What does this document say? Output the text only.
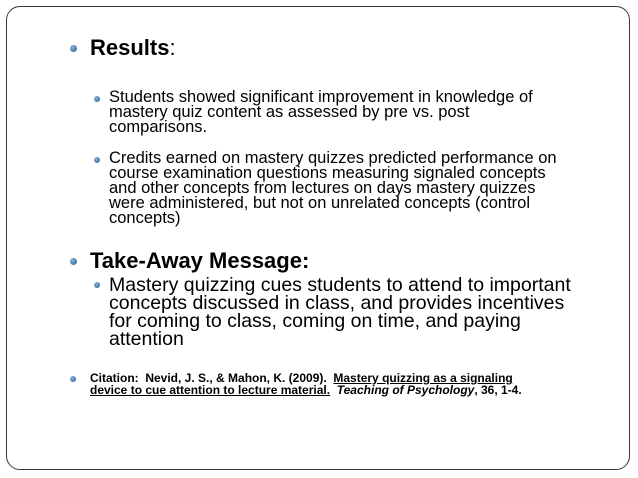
Results:

Students showed significant improvement in knowledge of

mastery quiz content as assessed by pre vs. post

comparisons.

Credits earned on mastery quizzes predicted performance on

course examination questions measuring signaled concepts

and other concepts from lectures on days mastery quizzes

were administered, but not on unrelated concepts (control

concepts)

Take-Away Message:

Mastery quizzing cues students to attend to important

concepts discussed in class, and provides incentives

for coming to class, coming on time, and paying

attention

Citation:  Nevid, J. S., & Mahon, K. (2009).  Mastery quizzing as a signaling

device to cue attention to lecture material. Teaching of Psychology, 36, 1-4.
